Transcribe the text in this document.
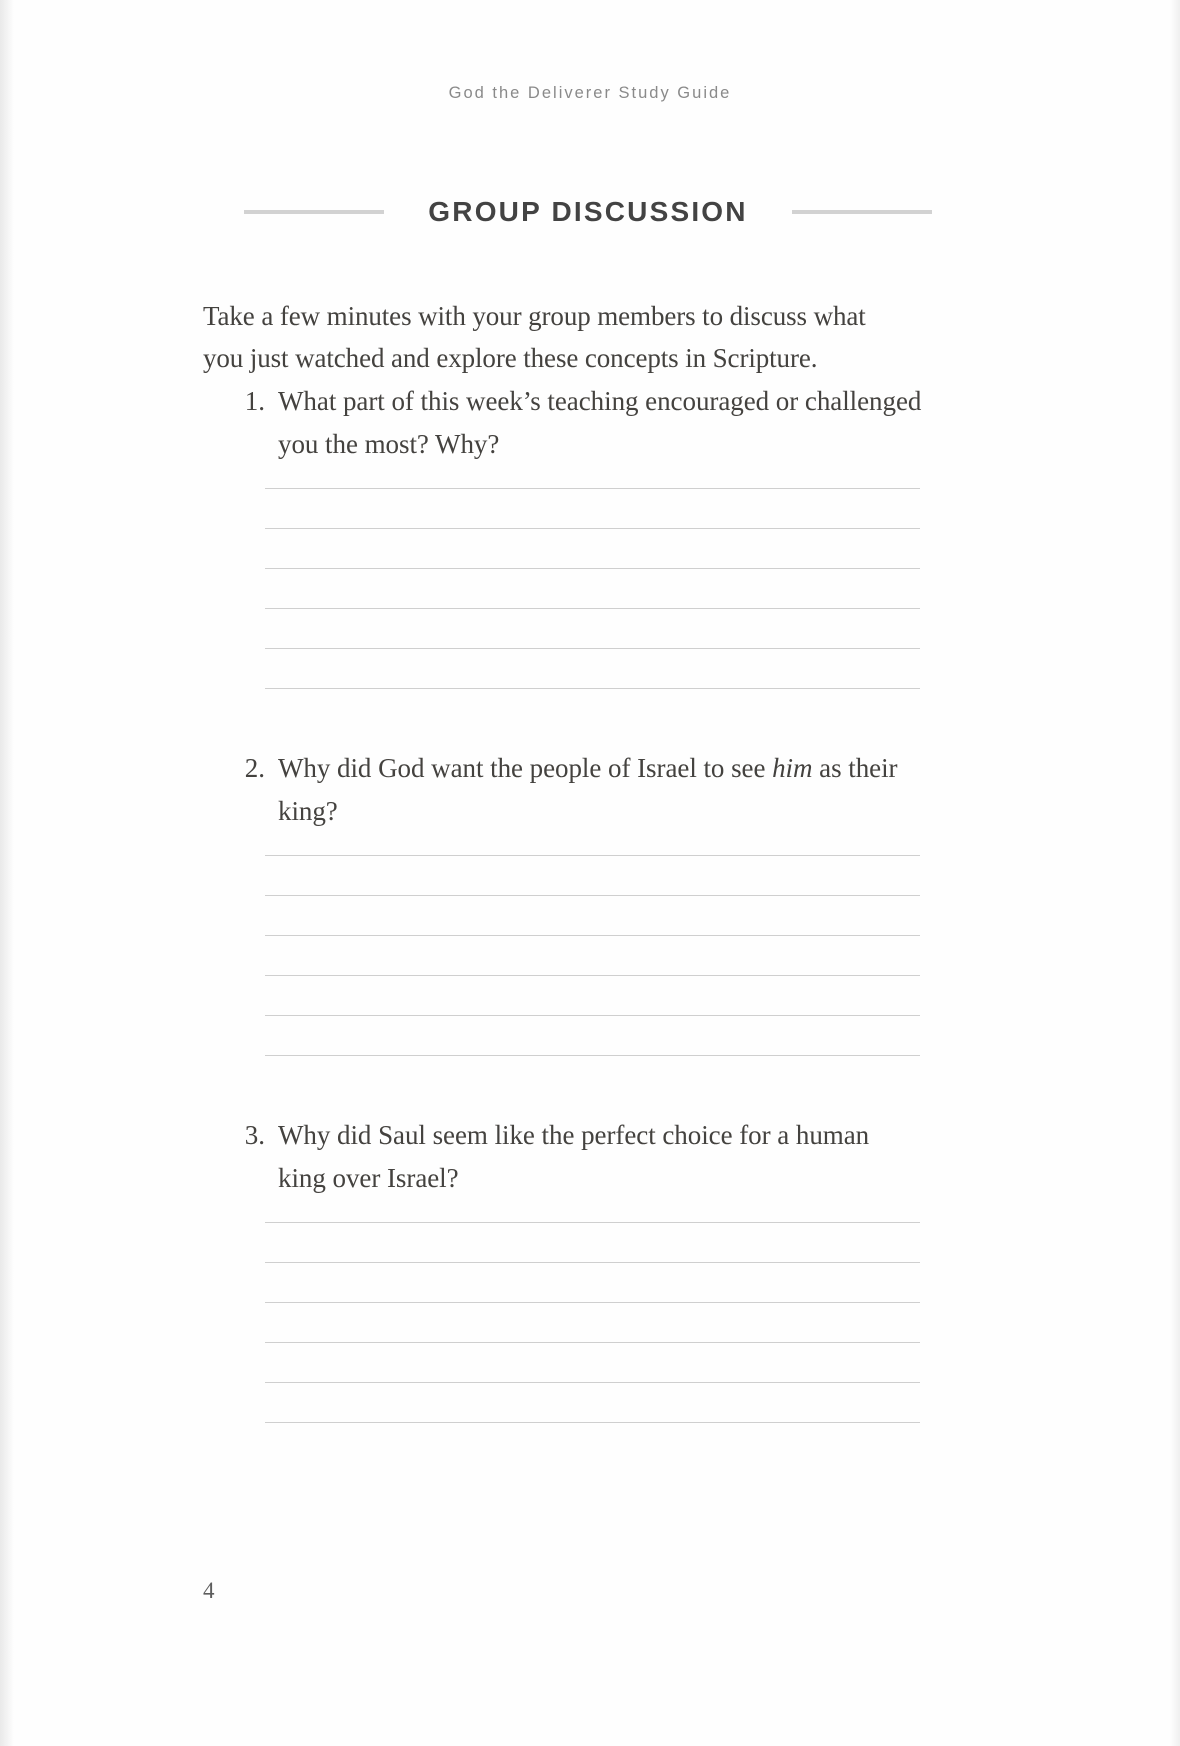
God the Deliverer Study Guide
GROUP DISCUSSION

Take a few minutes with your group members to discuss what you just watched and explore these concepts in Scripture.

1. What part of this week’s teaching encouraged or challenged you the most? Why?
2. Why did God want the people of Israel to see him as their king?
3. Why did Saul seem like the perfect choice for a human king over Israel?
4
